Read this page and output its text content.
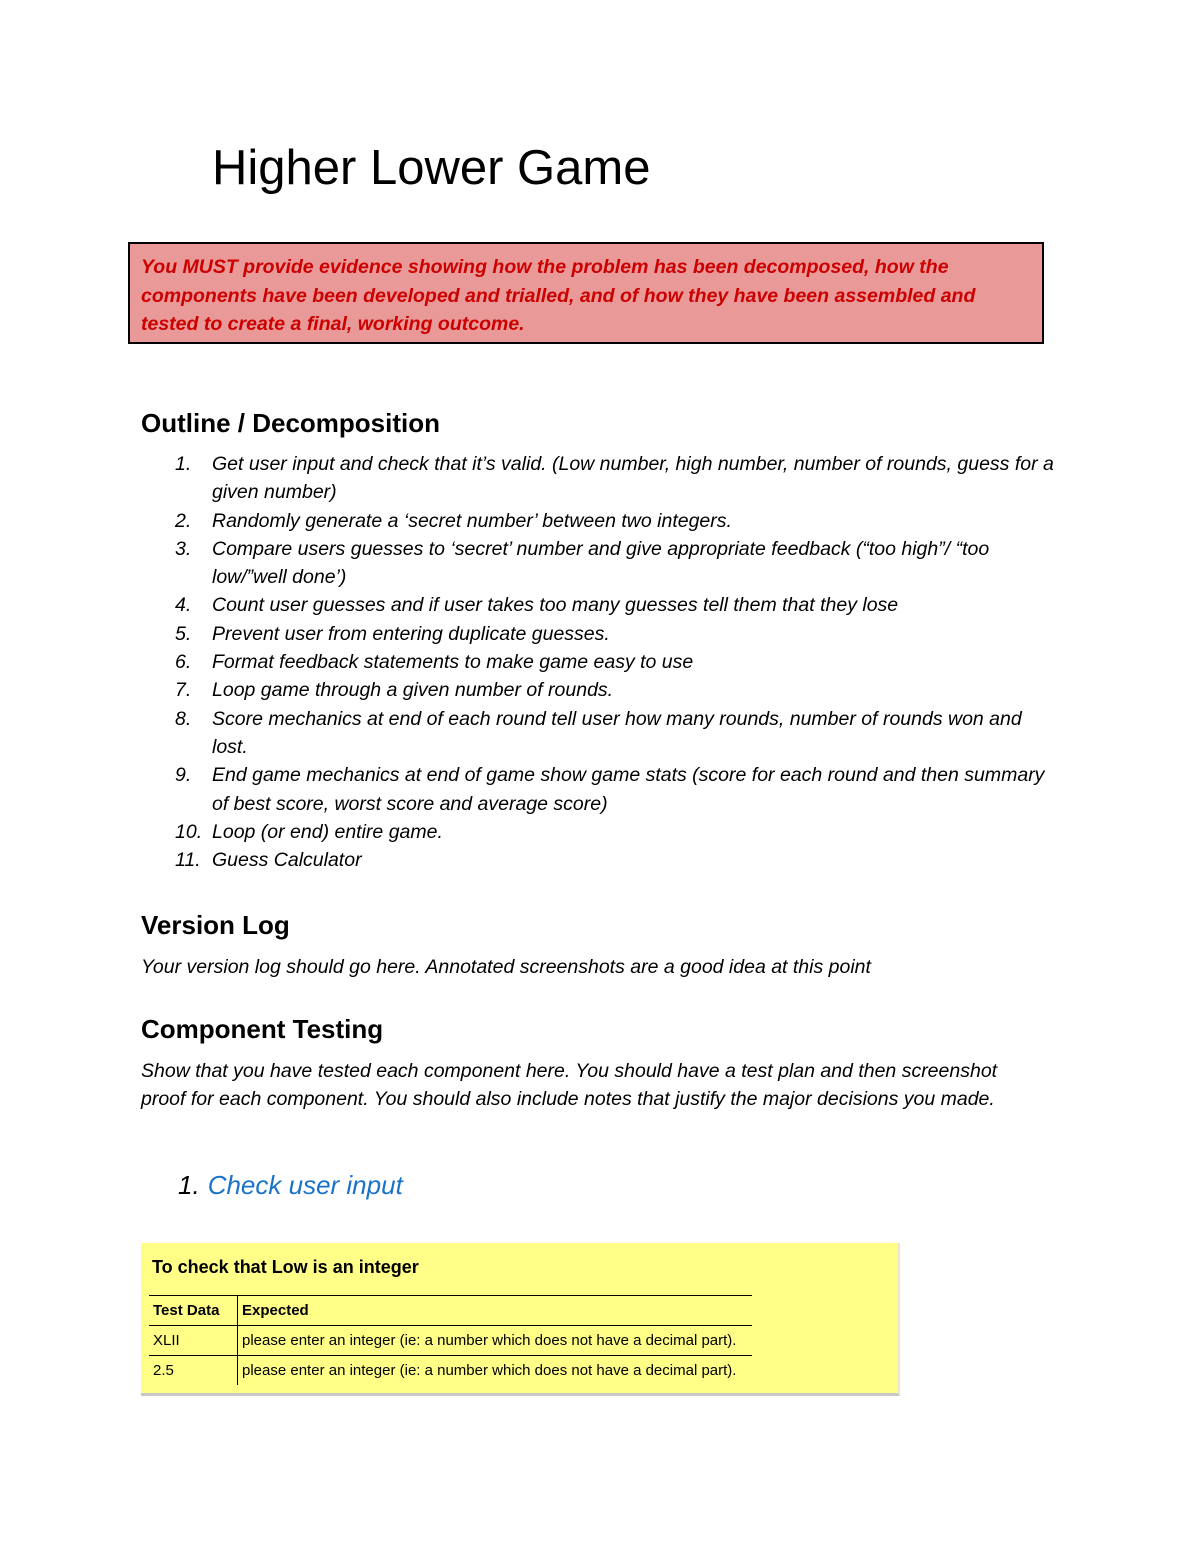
Higher Lower Game

You MUST provide evidence showing how the problem has been decomposed, how the components have been developed and trialled, and of how they have been assembled and tested to create a final, working outcome.

Outline / Decomposition
1. Get user input and check that it’s valid. (Low number, high number, number of rounds, guess for a given number)
2. Randomly generate a ‘secret number’ between two integers.
3. Compare users guesses to ‘secret’ number and give appropriate feedback (“too high”/ “too low/”well done’)
4. Count user guesses and if user takes too many guesses tell them that they lose
5. Prevent user from entering duplicate guesses.
6. Format feedback statements to make game easy to use
7. Loop game through a given number of rounds.
8. Score mechanics at end of each round tell user how many rounds, number of rounds won and lost.
9. End game mechanics at end of game show game stats (score for each round and then summary of best score, worst score and average score)
10. Loop (or end) entire game.
11. Guess Calculator
Version Log

Your version log should go here. Annotated screenshots are a good idea at this point

Component Testing

Show that you have tested each component here. You should have a test plan and then screenshot proof for each component. You should also include notes that justify the major decisions you made.

1. Check user input
To check that Low is an integer
Test Data	Expected
XLII	please enter an integer (ie: a number which does not have a decimal part).
2.5	please enter an integer (ie: a number which does not have a decimal part).
